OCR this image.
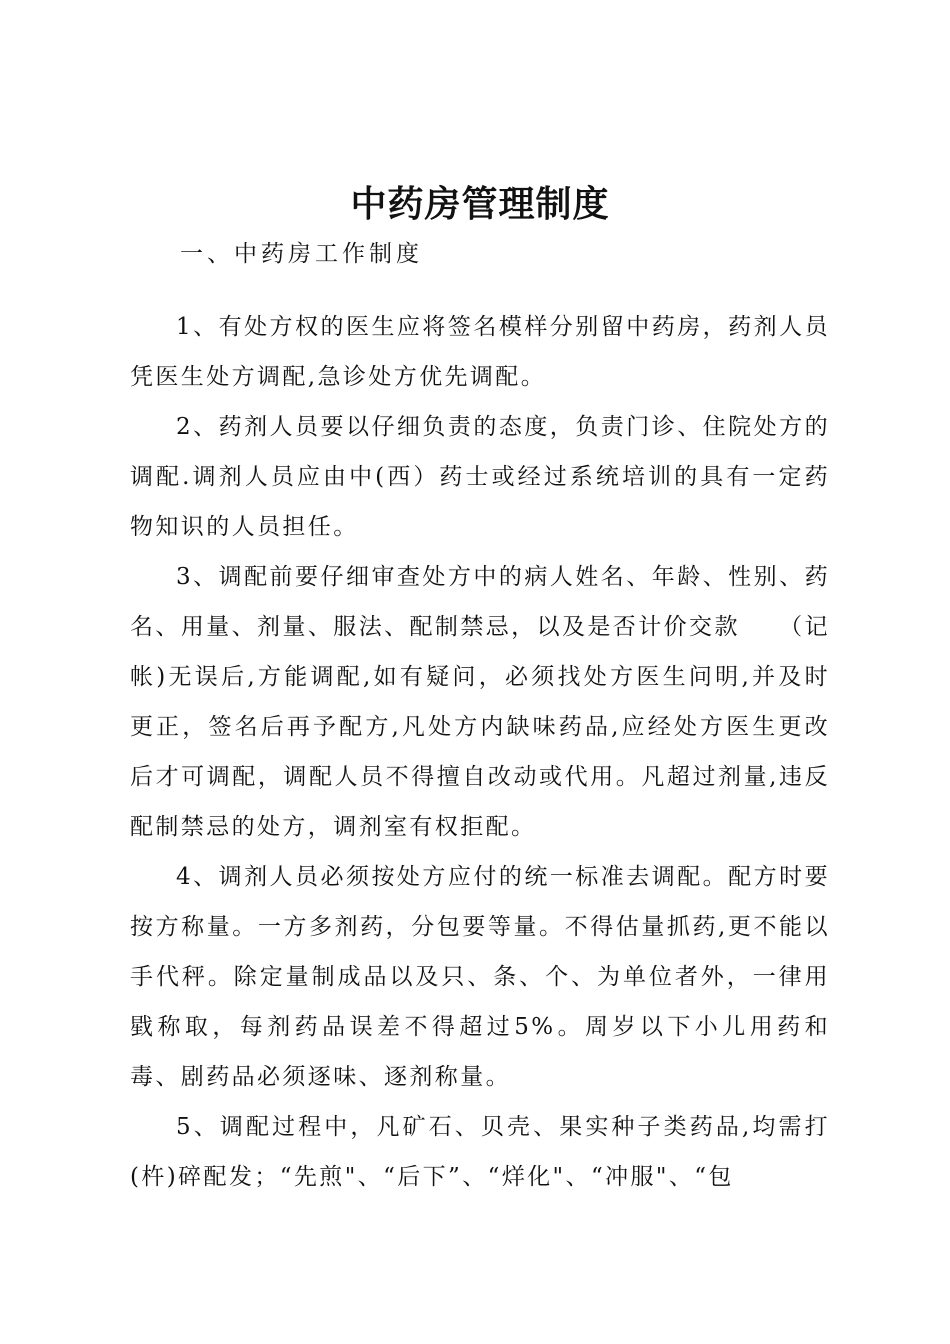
中药房管理制度
一、中药房工作制度

1、有处方权的医生应将签名模样分别留中药房，药剂人员凭医生处方调配,急诊处方优先调配。

2、药剂人员要以仔细负责的态度，负责门诊、住院处方的调配.调剂人员应由中(西）药士或经过系统培训的具有一定药物知识的人员担任。

3、调配前要仔细审查处方中的病人姓名、年龄、性别、药名、用量、剂量、服法、配制禁忌，以及是否计价交款　　（记帐)无误后,方能调配,如有疑问，必须找处方医生问明,并及时更正，签名后再予配方,凡处方内缺味药品,应经处方医生更改后才可调配，调配人员不得擅自改动或代用。凡超过剂量,违反配制禁忌的处方，调剂室有权拒配。

4、调剂人员必须按处方应付的统一标准去调配。配方时要按方称量。一方多剂药，分包要等量。不得估量抓药,更不能以手代秤。除定量制成品以及只、条、个、为单位者外，一律用戥称取，每剂药品误差不得超过5%。周岁以下小儿用药和毒、剧药品必须逐味、逐剂称量。

5、调配过程中，凡矿石、贝壳、果实种子类药品,均需打(杵)碎配发；“先煎"、“后下”、“烊化"、“冲服"、“包
